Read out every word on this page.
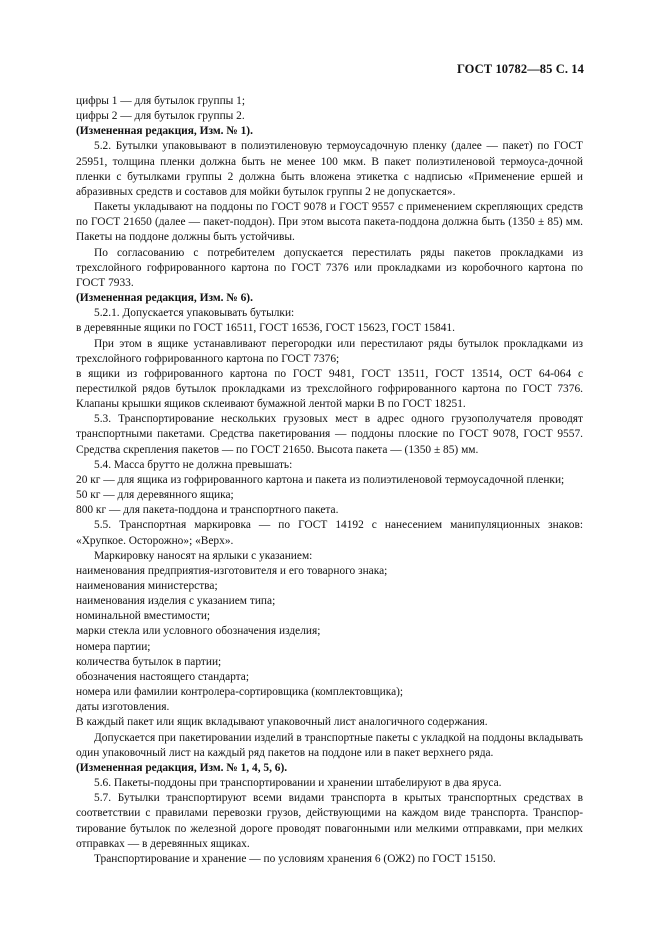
ГОСТ 10782—85 С. 14

цифры 1 — для бутылок группы 1;

цифры 2 — для бутылок группы 2.

(Измененная редакция, Изм. № 1).

5.2. Бутылки упаковывают в полиэтиленовую термоусадочную пленку (далее — пакет) по ГОСТ 25951, толщина пленки должна быть не менее 100 мкм. В пакет полиэтиленовой термоуса-дочной пленки с бутылками группы 2 должна быть вложена этикетка с надписью «Применение ершей и абразивных средств и составов для мойки бутылок группы 2 не допускается».

Пакеты укладывают на поддоны по ГОСТ 9078 и ГОСТ 9557 с применением скрепляющих средств по ГОСТ 21650 (далее — пакет-поддон). При этом высота пакета-поддона должна быть (1350 ± 85) мм. Пакеты на поддоне должны быть устойчивы.

По согласованию с потребителем допускается перестилать ряды пакетов прокладками из трехслойного гофрированного картона по ГОСТ 7376 или прокладками из коробочного картона по ГОСТ 7933.

(Измененная редакция, Изм. № 6).

5.2.1. Допускается упаковывать бутылки:

в деревянные ящики по ГОСТ 16511, ГОСТ 16536, ГОСТ 15623, ГОСТ 15841.

При этом в ящике устанавливают перегородки или перестилают ряды бутылок прокладками из трехслойного гофрированного картона по ГОСТ 7376;

в ящики из гофрированного картона по ГОСТ 9481, ГОСТ 13511, ГОСТ 13514, ОСТ 64-064 с перестилкой рядов бутылок прокладками из трехслойного гофрированного картона по ГОСТ 7376. Клапаны крышки ящиков склеивают бумажной лентой марки В по ГОСТ 18251.

5.3. Транспортирование нескольких грузовых мест в адрес одного грузополучателя проводят транспортными пакетами. Средства пакетирования — поддоны плоские по ГОСТ 9078, ГОСТ 9557. Средства скрепления пакетов — по ГОСТ 21650. Высота пакета — (1350 ± 85) мм.

5.4. Масса брутто не должна превышать:

20 кг — для ящика из гофрированного картона и пакета из полиэтиленовой термоусадочной пленки;

50 кг — для деревянного ящика;

800 кг — для пакета-поддона и транспортного пакета.

5.5. Транспортная маркировка — по ГОСТ 14192 с нанесением манипуляционных знаков: «Хрупкое. Осторожно»; «Верх».

Маркировку наносят на ярлыки с указанием:

наименования предприятия-изготовителя и его товарного знака;

наименования министерства;

наименования изделия с указанием типа;

номинальной вместимости;

марки стекла или условного обозначения изделия;

номера партии;

количества бутылок в партии;

обозначения настоящего стандарта;

номера или фамилии контролера-сортировщика (комплектовщика);

даты изготовления.

В каждый пакет или ящик вкладывают упаковочный лист аналогичного содержания.

Допускается при пакетировании изделий в транспортные пакеты с укладкой на поддоны вкладывать один упаковочный лист на каждый ряд пакетов на поддоне или в пакет верхнего ряда.

(Измененная редакция, Изм. № 1, 4, 5, 6).

5.6. Пакеты-поддоны при транспортировании и хранении штабелируют в два яруса.

5.7. Бутылки транспортируют всеми видами транспорта в крытых транспортных средствах в соответствии с правилами перевозки грузов, действующими на каждом виде транспорта. Транспор-тирование бутылок по железной дороге проводят повагонными или мелкими отправками, при мелких отправках — в деревянных ящиках.

Транспортирование и хранение — по условиям хранения 6 (ОЖ2) по ГОСТ 15150.
